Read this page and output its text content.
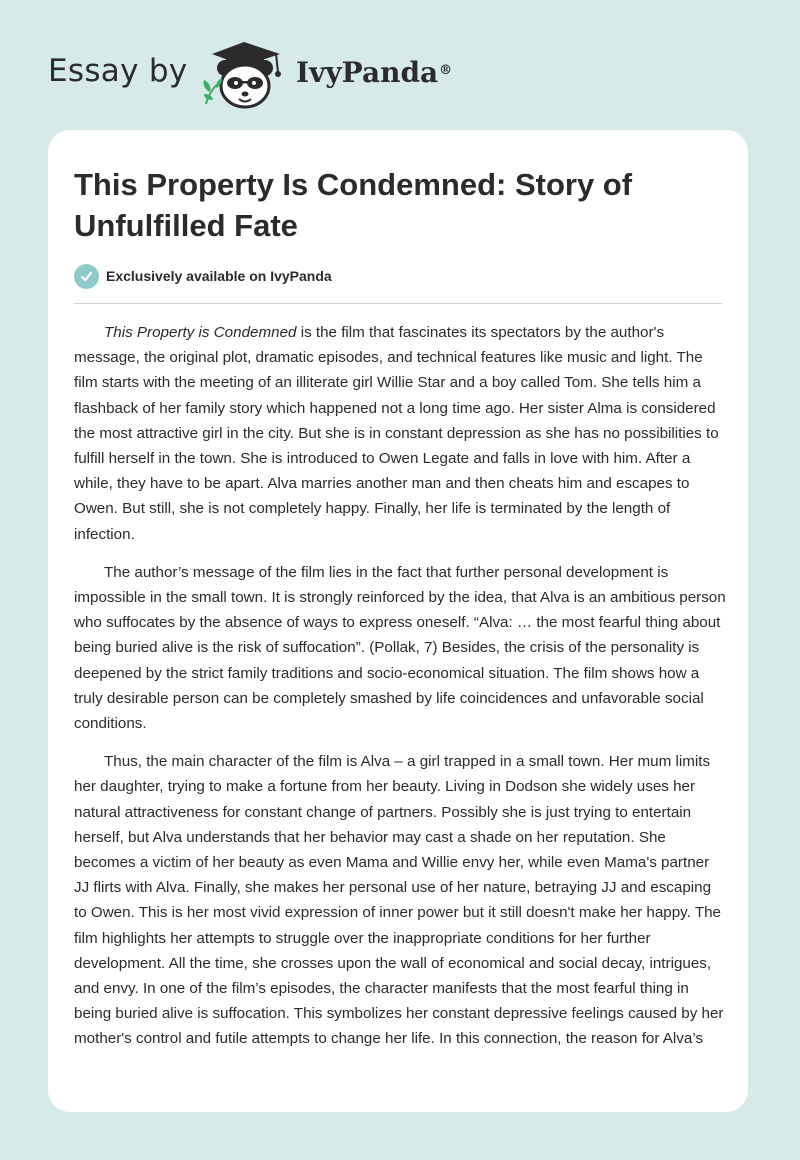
Essay by	IvyPanda®
This Property Is Condemned: Story of Unfulfilled Fate
Exclusively available on IvyPanda

This Property is Condemned is the film that fascinates its spectators by the author's message, the original plot, dramatic episodes, and technical features like music and light. The film starts with the meeting of an illiterate girl Willie Star and a boy called Tom. She tells him a flashback of her family story which happened not a long time ago. Her sister Alma is considered the most attractive girl in the city. But she is in constant depression as she has no possibilities to fulfill herself in the town. She is introduced to Owen Legate and falls in love with him. After a while, they have to be apart. Alva marries another man and then cheats him and escapes to Owen. But still, she is not completely happy. Finally, her life is terminated by the length of infection.

The author’s message of the film lies in the fact that further personal development is impossible in the small town. It is strongly reinforced by the idea, that Alva is an ambitious person who suffocates by the absence of ways to express oneself. “Alva: … the most fearful thing about being buried alive is the risk of suffocation”. (Pollak, 7) Besides, the crisis of the personality is deepened by the strict family traditions and socio-economical situation. The film shows how a truly desirable person can be completely smashed by life coincidences and unfavorable social conditions.

Thus, the main character of the film is Alva – a girl trapped in a small town. Her mum limits her daughter, trying to make a fortune from her beauty. Living in Dodson she widely uses her natural attractiveness for constant change of partners. Possibly she is just trying to entertain herself, but Alva understands that her behavior may cast a shade on her reputation. She becomes a victim of her beauty as even Mama and Willie envy her, while even Mama's partner JJ flirts with Alva. Finally, she makes her personal use of her nature, betraying JJ and escaping to Owen. This is her most vivid expression of inner power but it still doesn't make her happy. The film highlights her attempts to struggle over the inappropriate conditions for her further development. All the time, she crosses upon the wall of economical and social decay, intrigues, and envy. In one of the film’s episodes, the character manifests that the most fearful thing in being buried alive is suffocation. This symbolizes her constant depressive feelings caused by her mother's control and futile attempts to change her life. In this connection, the reason for Alva’s
